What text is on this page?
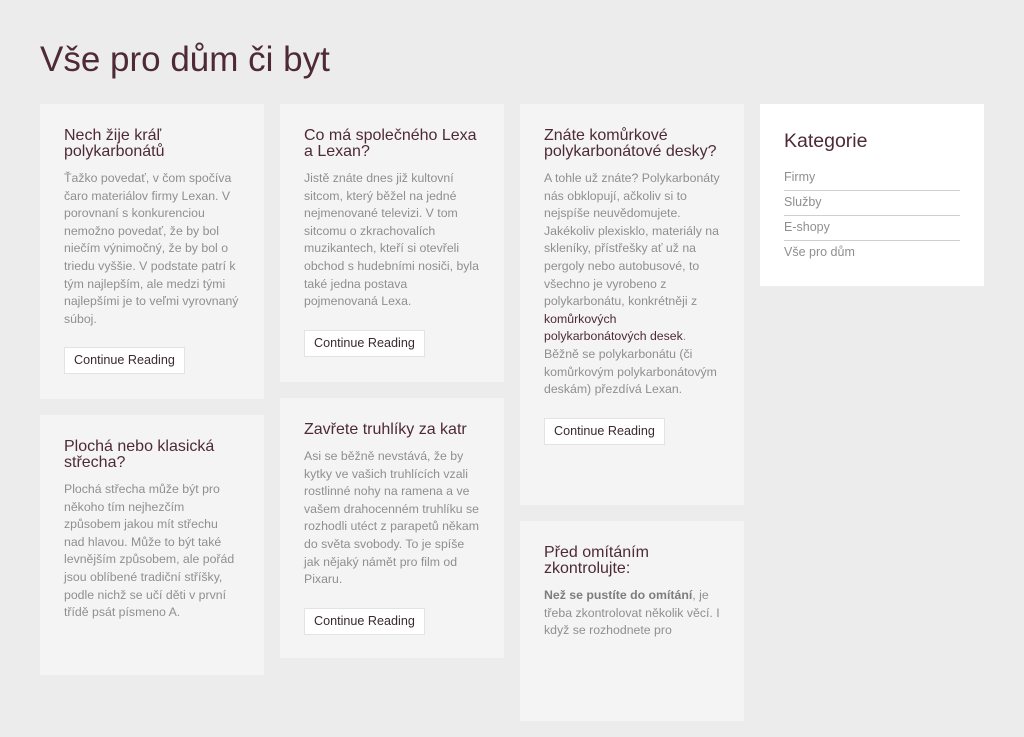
Vše pro dům či byt
Nech žije kráľ polykarbonátů

Ťažko povedať, v čom spočíva čaro materiálov firmy Lexan. V porovnaní s konkurenciou nemožno povedať, že by bol niečím výnimočný, že by bol o triedu vyššie. V podstate patrí k tým najlepším, ale medzi tými najlepšími je to veľmi vyrovnaný súboj.

Continue Reading
Plochá nebo klasická střecha?

Plochá střecha může být pro někoho tím nejhezčím způsobem jakou mít střechu nad hlavou. Může to být také levnějším způsobem, ale pořád jsou oblíbené tradiční stříšky, podle nichž se učí děti v první třídě psát písmeno A.

Co má společného Lexa a Lexan?

Jistě znáte dnes již kultovní sitcom, který běžel na jedné nejmenované televizi. V tom sitcomu o zkrachovalích muzikantech, kteří si otevřeli obchod s hudebními nosiči, byla také jedna postava pojmenovaná Lexa.

Continue Reading
Zavřete truhlíky za katr

Asi se běžně nevstává, že by kytky ve vašich truhlících vzali rostlinné nohy na ramena a ve vašem drahocenném truhlíku se rozhodli utéct z parapetů někam do světa svobody. To je spíše jak nějaký námět pro film od Pixaru.

Continue Reading
Znáte komůrkové polykarbonátové desky?

A tohle už znáte? Polykarbonáty nás obklopují, ačkoliv si to nejspíše neuvědomujete. Jakékoliv plexisklo, materiály na skleníky, přístřešky ať už na pergoly nebo autobusové, to všechno je vyrobeno z polykarbonátu, konkrétněji z komůrkových polykarbonátových desek. Běžně se polykarbonátu (či komůrkovým polykarbonátovým deskám) přezdívá Lexan.

Continue Reading
Před omítáním zkontrolujte:

Než se pustíte do omítání, je třeba zkontrolovat několik věcí. I když se rozhodnete pro

Kategorie
Firmy
Služby
E-shopy
Vše pro dům
